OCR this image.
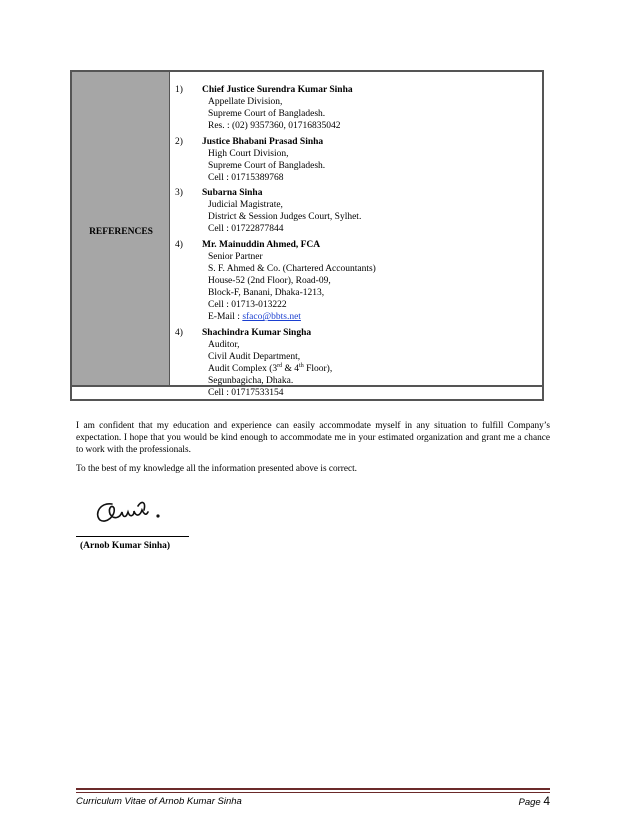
REFERENCES
1)	Chief Justice Surendra Kumar Sinha
Appellate Division,
Supreme Court of Bangladesh.
Res. : (02) 9357360, 01716835042
2)	Justice Bhabani Prasad Sinha
High Court Division,
Supreme Court of Bangladesh.
Cell : 01715389768
3)	Subarna Sinha
Judicial Magistrate,
District & Session Judges Court, Sylhet.
Cell : 01722877844
4)	Mr. Mainuddin Ahmed, FCA
Senior Partner
S. F. Ahmed & Co. (Chartered Accountants)
House-52 (2nd Floor), Road-09,
Block-F, Banani, Dhaka-1213,
Cell : 01713-013222
E-Mail : sfaco@bbts.net
4)	Shachindra Kumar Singha
Auditor,
Civil Audit Department,
Audit Complex (3rd & 4th Floor),
Segunbagicha, Dhaka.
Cell : 01717533154

I am confident that my education and experience can easily accommodate myself in any situation to fulfill Company’s expectation. I hope that you would be kind enough to accommodate me in your estimated organization and grant me a chance to work with the professionals.

To the best of my knowledge all the information presented above is correct.

(Arnob Kumar Sinha)
Curriculum Vitae of Arnob Kumar Sinha	Page 4
